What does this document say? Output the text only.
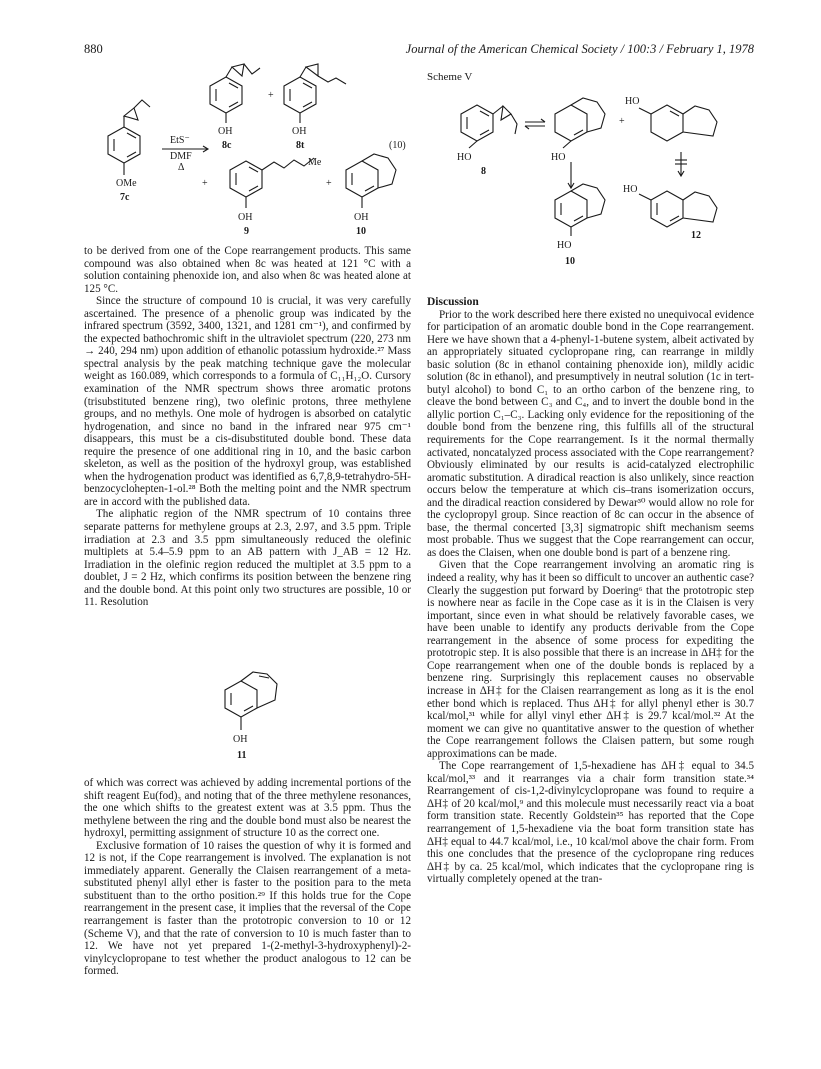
880	Journal of the American Chemical Society / 100:3 / February 1, 1978
OMe
7c
EtS⁻
DMF
Δ
+
+	+
OH
8c
OH
8t	(10)
Me
OH
9
OH
10
Scheme V
HO
8
HO
+
HO
HO
HO
10
12

to be derived from one of the Cope rearrangement products. This same compound was also obtained when 8c was heated at 121 °C with a solution containing phenoxide ion, and also when 8c was heated alone at 125 °C.

Since the structure of compound 10 is crucial, it was very carefully ascertained. The presence of a phenolic group was indicated by the infrared spectrum (3592, 3400, 1321, and 1281 cm⁻¹), and confirmed by the expected bathochromic shift in the ultraviolet spectrum (220, 273 nm → 240, 294 nm) upon addition of ethanolic potassium hydroxide.²⁷ Mass spectral analysis by the peak matching technique gave the molecular weight as 160.089, which corresponds to a formula of C₁₁H₁₂O. Cursory examination of the NMR spectrum shows three aromatic protons (trisubstituted benzene ring), two olefinic protons, three methylene groups, and no methyls. One mole of hydrogen is absorbed on catalytic hydrogenation, and since no band in the infrared near 975 cm⁻¹ disappears, this must be a cis-disubstituted double bond. These data require the presence of one additional ring in 10, and the basic carbon skeleton, as well as the position of the hydroxyl group, was established when the hydrogenation product was identified as 6,7,8,9-tetrahydro-5H-benzocyclohepten-1-ol.²⁸ Both the melting point and the NMR spectrum are in accord with the published data.

The aliphatic region of the NMR spectrum of 10 contains three separate patterns for methylene groups at 2.3, 2.97, and 3.5 ppm. Triple irradiation at 2.3 and 3.5 ppm simultaneously reduced the olefinic multiplets at 5.4–5.9 ppm to an AB pattern with J_AB = 12 Hz. Irradiation in the olefinic region reduced the multiplet at 3.5 ppm to a doublet, J = 2 Hz, which confirms its position between the benzene ring and the double bond. At this point only two structures are possible, 10 or 11. Resolution

OH
11

of which was correct was achieved by adding incremental portions of the shift reagent Eu(fod)₃ and noting that of the three methylene resonances, the one which shifts to the greatest extent was at 3.5 ppm. Thus the methylene between the ring and the double bond must also be nearest the hydroxyl, permitting assignment of structure 10 as the correct one.

Exclusive formation of 10 raises the question of why it is formed and 12 is not, if the Cope rearrangement is involved. The explanation is not immediately apparent. Generally the Claisen rearrangement of a meta-substituted phenyl allyl ether is faster to the position para to the meta substituent than to the ortho position.²⁹ If this holds true for the Cope rearrangement in the present case, it implies that the reversal of the Cope rearrangement is faster than the prototropic conversion to 10 or 12 (Scheme V), and that the rate of conversion to 10 is much faster than to 12. We have not yet prepared 1-(2-methyl-3-hydroxyphenyl)-2-vinylcyclopropane to test whether the product analogous to 12 can be formed.

Discussion

Prior to the work described here there existed no unequivocal evidence for participation of an aromatic double bond in the Cope rearrangement. Here we have shown that a 4-phenyl-1-butene system, albeit activated by an appropriately situated cyclopropane ring, can rearrange in mildly basic solution (8c in ethanol containing phenoxide ion), mildly acidic solution (8c in ethanol), and presumptively in neutral solution (1c in tert-butyl alcohol) to bond C₁ to an ortho carbon of the benzene ring, to cleave the bond between C₃ and C₄, and to invert the double bond in the allylic portion C₁–C₃. Lacking only evidence for the repositioning of the double bond from the benzene ring, this fulfills all of the structural requirements for the Cope rearrangement. Is it the normal thermally activated, noncatalyzed process associated with the Cope rearrangement? Obviously eliminated by our results is acid-catalyzed electrophilic aromatic substitution. A diradical reaction is also unlikely, since reaction occurs below the temperature at which cis–trans isomerization occurs, and the diradical reaction considered by Dewar³⁰ would allow no role for the cyclopropyl group. Since reaction of 8c can occur in the absence of base, the thermal concerted [3,3] sigmatropic shift mechanism seems most probable. Thus we suggest that the Cope rearrangement can occur, as does the Claisen, when one double bond is part of a benzene ring.

Given that the Cope rearrangement involving an aromatic ring is indeed a reality, why has it been so difficult to uncover an authentic case? Clearly the suggestion put forward by Doering⁶ that the prototropic step is nowhere near as facile in the Cope case as it is in the Claisen is very important, since even in what should be relatively favorable cases, we have been unable to identify any products derivable from the Cope rearrangement in the absence of some process for expediting the prototropic step. It is also possible that there is an increase in ΔH‡ for the Cope rearrangement when one of the double bonds is replaced by a benzene ring. Surprisingly this replacement causes no observable increase in ΔH‡ for the Claisen rearrangement as long as it is the enol ether bond which is replaced. Thus ΔH‡ for allyl phenyl ether is 30.7 kcal/mol,³¹ while for allyl vinyl ether ΔH‡ is 29.7 kcal/mol.³² At the moment we can give no quantitative answer to the question of whether the Cope rearrangement follows the Claisen pattern, but some rough approximations can be made.

The Cope rearrangement of 1,5-hexadiene has ΔH‡ equal to 34.5 kcal/mol,³³ and it rearranges via a chair form transition state.³⁴ Rearrangement of cis-1,2-divinylcyclopropane was found to require a ΔH‡ of 20 kcal/mol,⁹ and this molecule must necessarily react via a boat form transition state. Recently Goldstein³⁵ has reported that the Cope rearrangement of 1,5-hexadiene via the boat form transition state has ΔH‡ equal to 44.7 kcal/mol, i.e., 10 kcal/mol above the chair form. From this one concludes that the presence of the cyclopropane ring reduces ΔH‡ by ca. 25 kcal/mol, which indicates that the cyclopropane ring is virtually completely opened at the tran-
